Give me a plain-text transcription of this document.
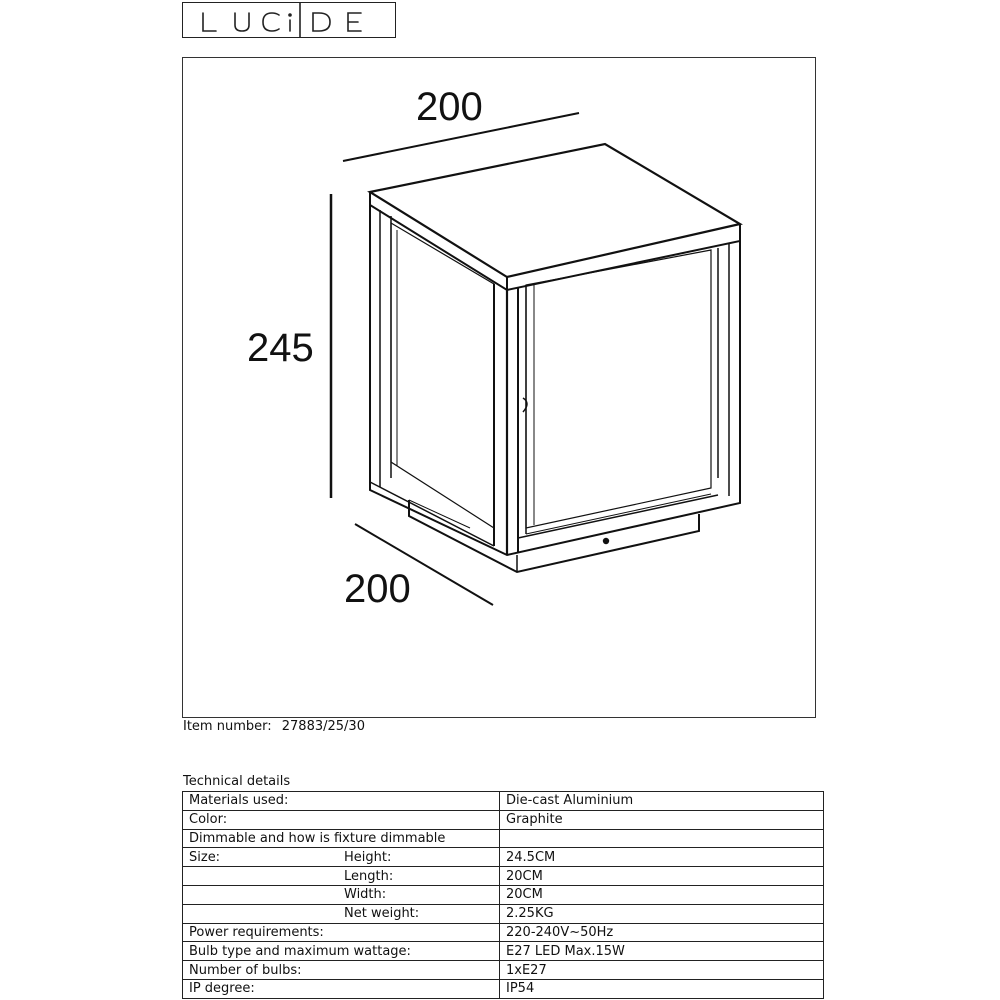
200
245
200
Item number: 27883/25/30
Technical details
Materials used:	Die-cast Aluminium
Color:	Graphite
Dimmable and how is fixture dimmable	
Size: Height:	24.5CM
Length:	20CM
Width:	20CM
Net weight:	2.25KG
Power requirements:	220-240V~50Hz
Bulb type and maximum wattage:	E27 LED Max.15W
Number of bulbs:	1xE27
IP degree:	IP54
